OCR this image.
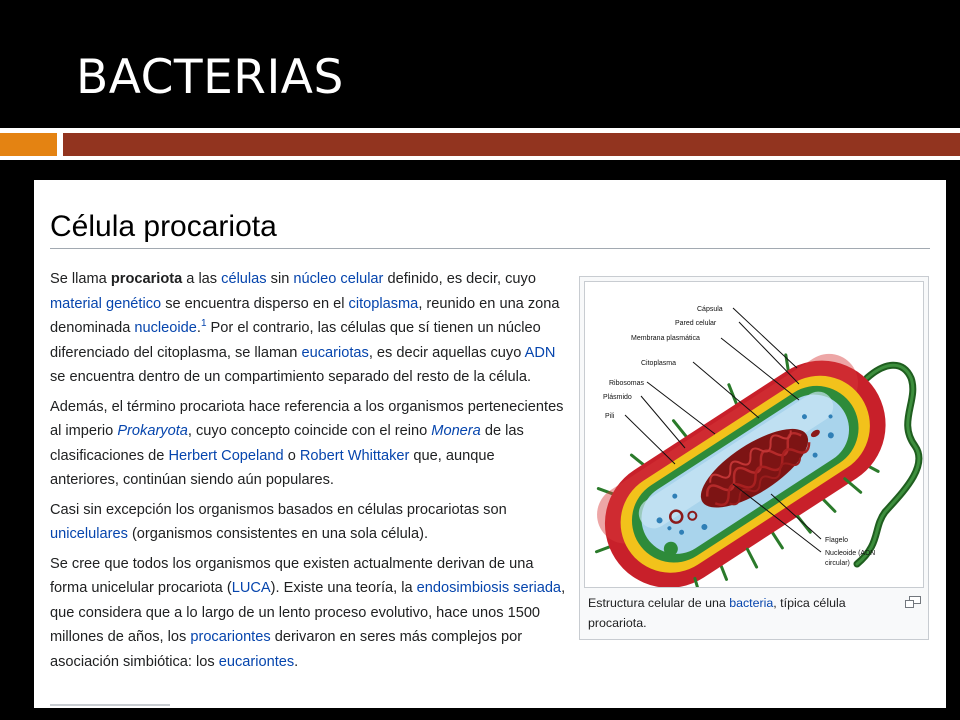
BACTERIAS
Célula procariota

Se llama procariota a las células sin núcleo celular definido, es decir, cuyo material genético se encuentra disperso en el citoplasma, reunido en una zona denominada nucleoide.$^1$ Por el contrario, las células que sí tienen un núcleo diferenciado del citoplasma, se llaman eucariotas, es decir aquellas cuyo ADN se encuentra dentro de un compartimiento separado del resto de la célula.

Además, el término procariota hace referencia a los organismos pertenecientes al imperio Prokaryota, cuyo concepto coincide con el reino Monera de las clasificaciones de Herbert Copeland o Robert Whittaker que, aunque anteriores, continúan siendo aún populares.

Casi sin excepción los organismos basados en células procariotas son unicelulares (organismos consistentes en una sola célula).

Se cree que todos los organismos que existen actualmente derivan de una forma unicelular procariota (LUCA). Existe una teoría, la endosimbiosis seriada, que considera que a lo largo de un lento proceso evolutivo, hace unos 1500 millones de años, los procariontes derivaron en seres más complejos por asociación simbiótica: los eucariontes.

Cápsula
Pared celular
Membrana plasmática
Citoplasma
Ribosomas
Plásmido
Pili
Flagelo
Nucleoide (ADN
circular)
Estructura celular de una bacteria, típica célula procariota.
